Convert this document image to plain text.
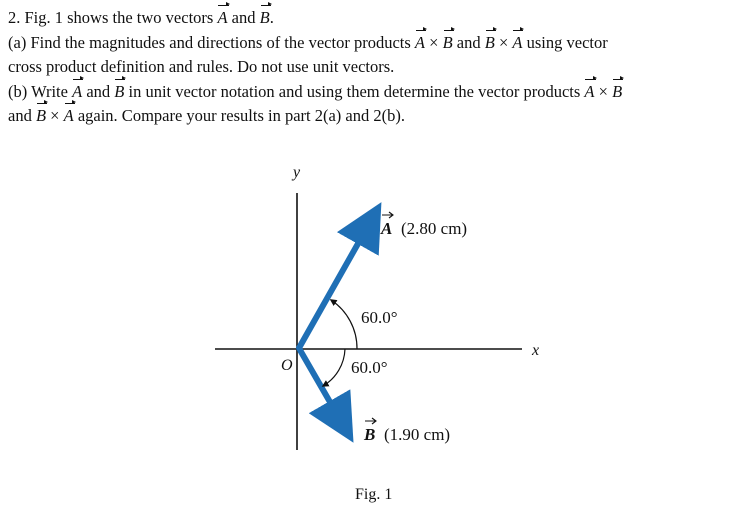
2. Fig. 1 shows the two vectors A and B.
(a) Find the magnitudes and directions of the vector products A × B and B × A using vector
cross product definition and rules. Do not use unit vectors.
(b) Write A and B in unit vector notation and using them determine the vector products A × B
and B × A again. Compare your results in part 2(a) and 2(b).
y
x
O
A (2.80 cm)
60.0°
60.0°
B (1.90 cm)
Fig. 1
